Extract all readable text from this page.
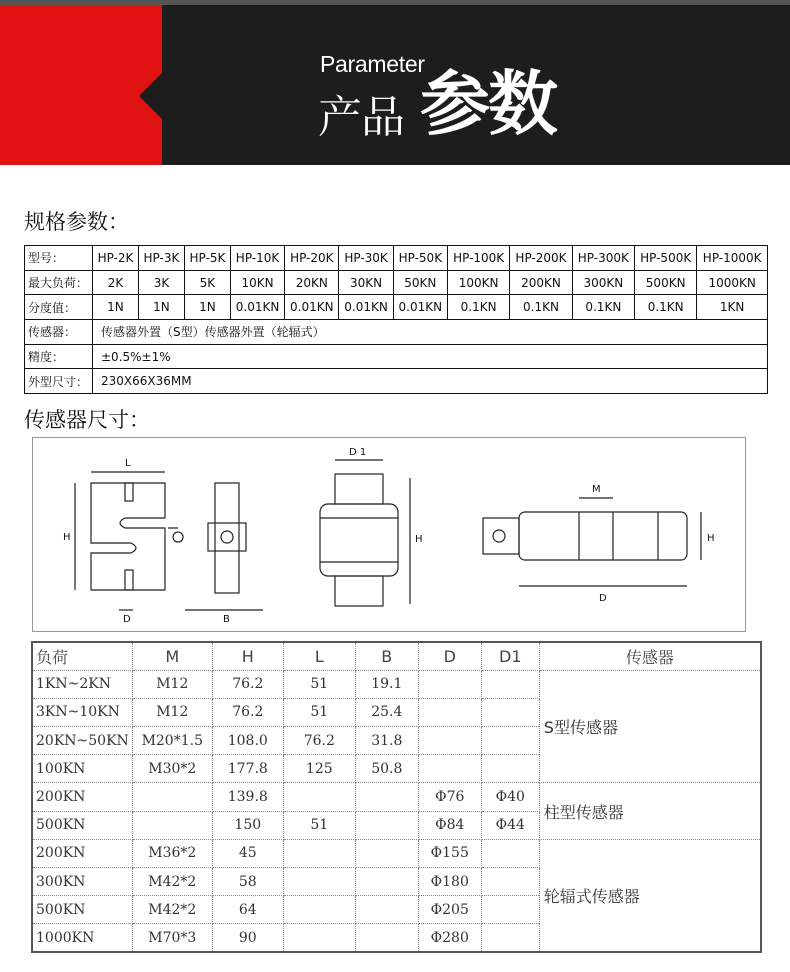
Parameter
产品 参数
规格参数：
型号：	HP-2K	HP-3K	HP-5K	HP-10K	HP-20K	HP-30K	HP-50K	HP-100K	HP-200K	HP-300K	HP-500K	HP-1000K
最大负荷：	2K	3K	5K	10KN	20KN	30KN	50KN	100KN	200KN	300KN	500KN	1000KN
分度值：	1N	1N	1N	0.01KN	0.01KN	0.01KN	0.01KN	0.1KN	0.1KN	0.1KN	0.1KN	1KN
传感器：	传感器外置（S型）传感器外置（轮辐式）											
精度：	±0.5%±1%											
外型尺寸：	230X66X36MM											
传感器尺寸：
L
H
D	B
D 1
H
M
D
H
负荷	M	H	L	B	D	D1	传感器
1KN~2KN	M12	76.2	51	19.1			S型传感器
3KN~10KN	M12	76.2	51	25.4			
20KN~50KN	M20*1.5	108.0	76.2	31.8			
100KN	M30*2	177.8	125	50.8			
200KN		139.8			Φ76	Φ40	柱型传感器
500KN		150	51		Φ84	Φ44	
200KN	M36*2	45			Φ155		轮辐式传感器
300KN	M42*2	58			Φ180		
500KN	M42*2	64			Φ205		
1000KN	M70*3	90			Φ280		
